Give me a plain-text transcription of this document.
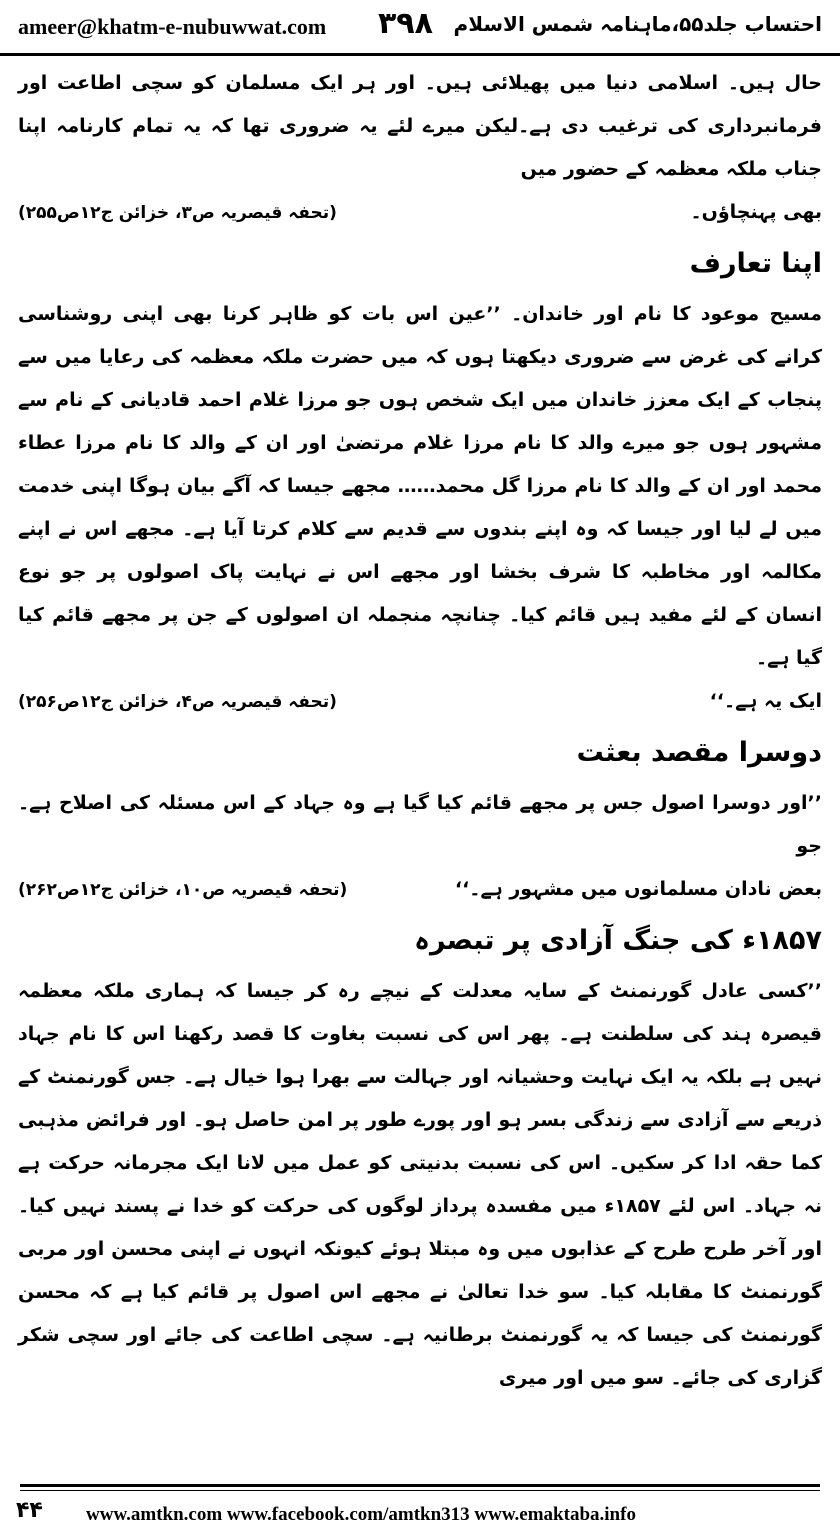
ameer@khatm-e-nubuwwat.com ۳۹۸ احتساب جلد۵۵،ماہنامہ شمس الاسلام

حال ہیں۔ اسلامی دنیا میں پھیلائی ہیں۔ اور ہر ایک مسلمان کو سچی اطاعت اور فرمانبرداری کی ترغیب دی ہے۔لیکن میرے لئے یہ ضروری تھا کہ یہ تمام کارنامہ اپنا جناب ملکہ معظمہ کے حضور میں

بھی پہنچاؤں۔
(تحفہ قیصریہ ص۳، خزائن ج۱۲ص۲۵۵)
اپنا تعارف

مسیح موعود کا نام اور خاندان۔ ’’عین اس بات کو ظاہر کرنا بھی اپنی روشناسی کرانے کی غرض سے ضروری دیکھتا ہوں کہ میں حضرت ملکہ معظمہ کی رعایا میں سے پنجاب کے ایک معزز خاندان میں ایک شخص ہوں جو مرزا غلام احمد قادیانی کے نام سے مشہور ہوں جو میرے والد کا نام مرزا غلام مرتضیٰ اور ان کے والد کا نام مرزا عطاء محمد اور ان کے والد کا نام مرزا گل محمد…… مجھے جیسا کہ آگے بیان ہوگا اپنی خدمت میں لے لیا اور جیسا کہ وہ اپنے بندوں سے قدیم سے کلام کرتا آیا ہے۔ مجھے اس نے اپنے مکالمہ اور مخاطبہ کا شرف بخشا اور مجھے اس نے نہایت پاک اصولوں پر جو نوع انسان کے لئے مفید ہیں قائم کیا۔ چنانچہ منجملہ ان اصولوں کے جن پر مجھے قائم کیا گیا ہے۔

ایک یہ ہے۔‘‘
(تحفہ قیصریہ ص۴، خزائن ج۱۲ص۲۵۶)
دوسرا مقصد بعثت

’’اور دوسرا اصول جس پر مجھے قائم کیا گیا ہے وہ جہاد کے اس مسئلہ کی اصلاح ہے۔ جو

بعض نادان مسلمانوں میں مشہور ہے۔‘‘
(تحفہ قیصریہ ص۱۰، خزائن ج۱۲ص۲۶۲)
۱۸۵۷ء کی جنگ آزادی پر تبصرہ

’’کسی عادل گورنمنٹ کے سایہ معدلت کے نیچے رہ کر جیسا کہ ہماری ملکہ معظمہ قیصرہ ہند کی سلطنت ہے۔ پھر اس کی نسبت بغاوت کا قصد رکھنا اس کا نام جہاد نہیں ہے بلکہ یہ ایک نہایت وحشیانہ اور جہالت سے بھرا ہوا خیال ہے۔ جس گورنمنٹ کے ذریعے سے آزادی سے زندگی بسر ہو اور پورے طور پر امن حاصل ہو۔ اور فرائض مذہبی کما حقہ ادا کر سکیں۔ اس کی نسبت بدنیتی کو عمل میں لانا ایک مجرمانہ حرکت ہے نہ جہاد۔ اس لئے ۱۸۵۷ء میں مفسدہ پرداز لوگوں کی حرکت کو خدا نے پسند نہیں کیا۔ اور آخر طرح طرح کے عذابوں میں وہ مبتلا ہوئے کیونکہ انہوں نے اپنی محسن اور مربی گورنمنٹ کا مقابلہ کیا۔ سو خدا تعالیٰ نے مجھے اس اصول پر قائم کیا ہے کہ محسن گورنمنٹ کی جیسا کہ یہ گورنمنٹ برطانیہ ہے۔ سچی اطاعت کی جائے اور سچی شکر گزاری کی جائے۔ سو میں اور میری

۴۴ www.amtkn.com www.facebook.com/amtkn313 www.emaktaba.info
